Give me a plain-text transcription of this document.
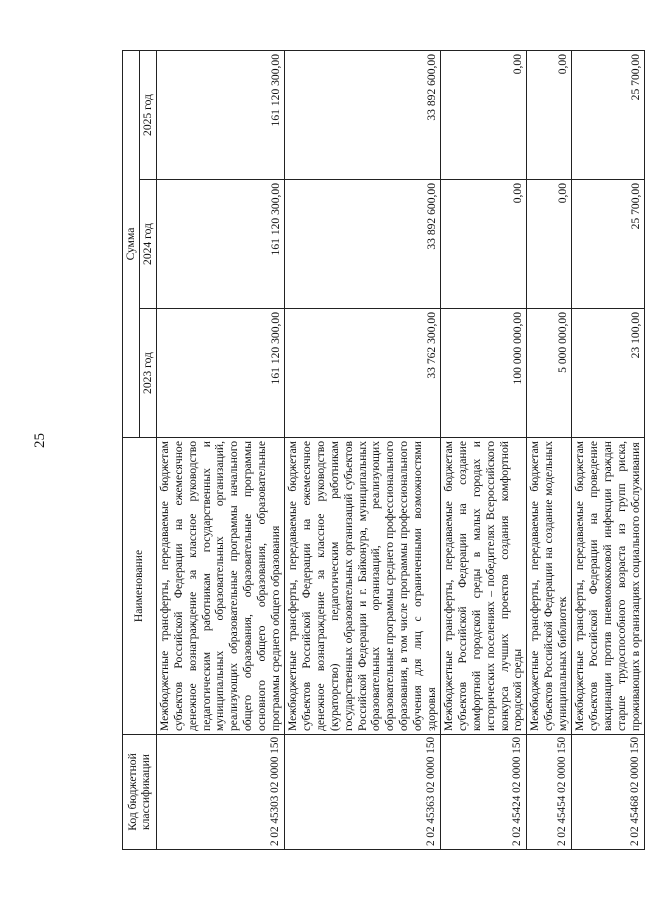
25
Код бюджетной классификации	Наименование	Сумма		
		2023 год	2024 год	2025 год
2 02 45303 02 0000 150	Межбюджетные трансферты, передаваемые бюджетам субъектов Российской Федерации на ежемесячное денежное вознаграждение за классное руководство педагогическим работникам государственных и муниципальных образовательных организаций, реализующих образовательные программы начального общего образования, образовательные программы основного общего образования, образовательные программы среднего общего образования	161 120 300,00	161 120 300,00	161 120 300,00
2 02 45363 02 0000 150	Межбюджетные трансферты, передаваемые бюджетам субъектов Российской Федерации на ежемесячное денежное вознаграждение за классное руководство (кураторство) педагогическим работникам государственных образовательных организаций субъектов Российской Федерации и г. Байконура, муниципальных образовательных организаций, реализующих образовательные программы среднего профессионального образования, в том числе программы профессионального обучения для лиц с ограниченными возможностями здоровья	33 762 300,00	33 892 600,00	33 892 600,00
2 02 45424 02 0000 150	Межбюджетные трансферты, передаваемые бюджетам субъектов Российской Федерации на создание комфортной городской среды в малых городах и исторических поселениях – победителях Всероссийского конкурса лучших проектов создания комфортной городской среды	100 000 000,00	0,00	0,00
2 02 45454 02 0000 150	Межбюджетные трансферты, передаваемые бюджетам субъектов Российской Федерации на создание модельных муниципальных библиотек	5 000 000,00	0,00	0,00
2 02 45468 02 0000 150	Межбюджетные трансферты, передаваемые бюджетам субъектов Российской Федерации на проведение вакцинации против пневмококковой инфекции граждан старше трудоспособного возраста из групп риска, проживающих в организациях социального обслуживания	23 100,00	25 700,00	25 700,00
